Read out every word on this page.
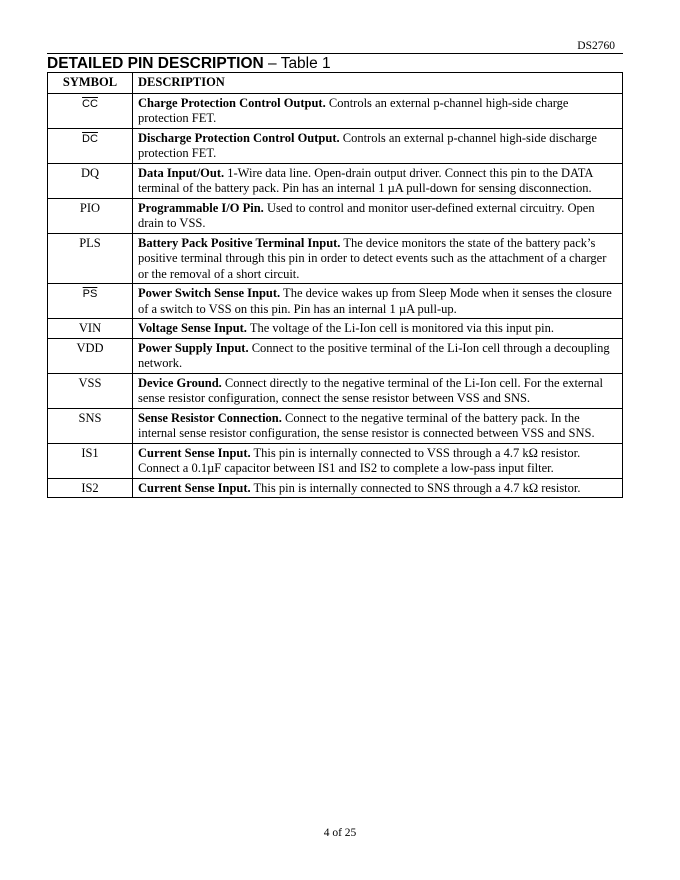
DS2760
DETAILED PIN DESCRIPTION – Table 1
SYMBOL	DESCRIPTION
$\overline{CC}$	Charge Protection Control Output. Controls an external p-channel high-side charge protection FET.
$\overline{DC}$	Discharge Protection Control Output. Controls an external p-channel high-side discharge protection FET.
DQ	Data Input/Out. 1-Wire data line. Open-drain output driver. Connect this pin to the DATA terminal of the battery pack. Pin has an internal 1 µA pull-down for sensing disconnection.
PIO	Programmable I/O Pin. Used to control and monitor user-defined external circuitry. Open drain to VSS.
PLS	Battery Pack Positive Terminal Input. The device monitors the state of the battery pack’s positive terminal through this pin in order to detect events such as the attachment of a charger or the removal of a short circuit.
$\overline{PS}$	Power Switch Sense Input. The device wakes up from Sleep Mode when it senses the closure of a switch to VSS on this pin. Pin has an internal 1 µA pull-up.
VIN	Voltage Sense Input. The voltage of the Li-Ion cell is monitored via this input pin.
VDD	Power Supply Input. Connect to the positive terminal of the Li-Ion cell through a decoupling network.
VSS	Device Ground. Connect directly to the negative terminal of the Li-Ion cell. For the external sense resistor configuration, connect the sense resistor between VSS and SNS.
SNS	Sense Resistor Connection. Connect to the negative terminal of the battery pack. In the internal sense resistor configuration, the sense resistor is connected between VSS and SNS.
IS1	Current Sense Input. This pin is internally connected to VSS through a 4.7 kΩ resistor. Connect a 0.1µF capacitor between IS1 and IS2 to complete a low-pass input filter.
IS2	Current Sense Input. This pin is internally connected to SNS through a 4.7 kΩ resistor.
4 of 25
